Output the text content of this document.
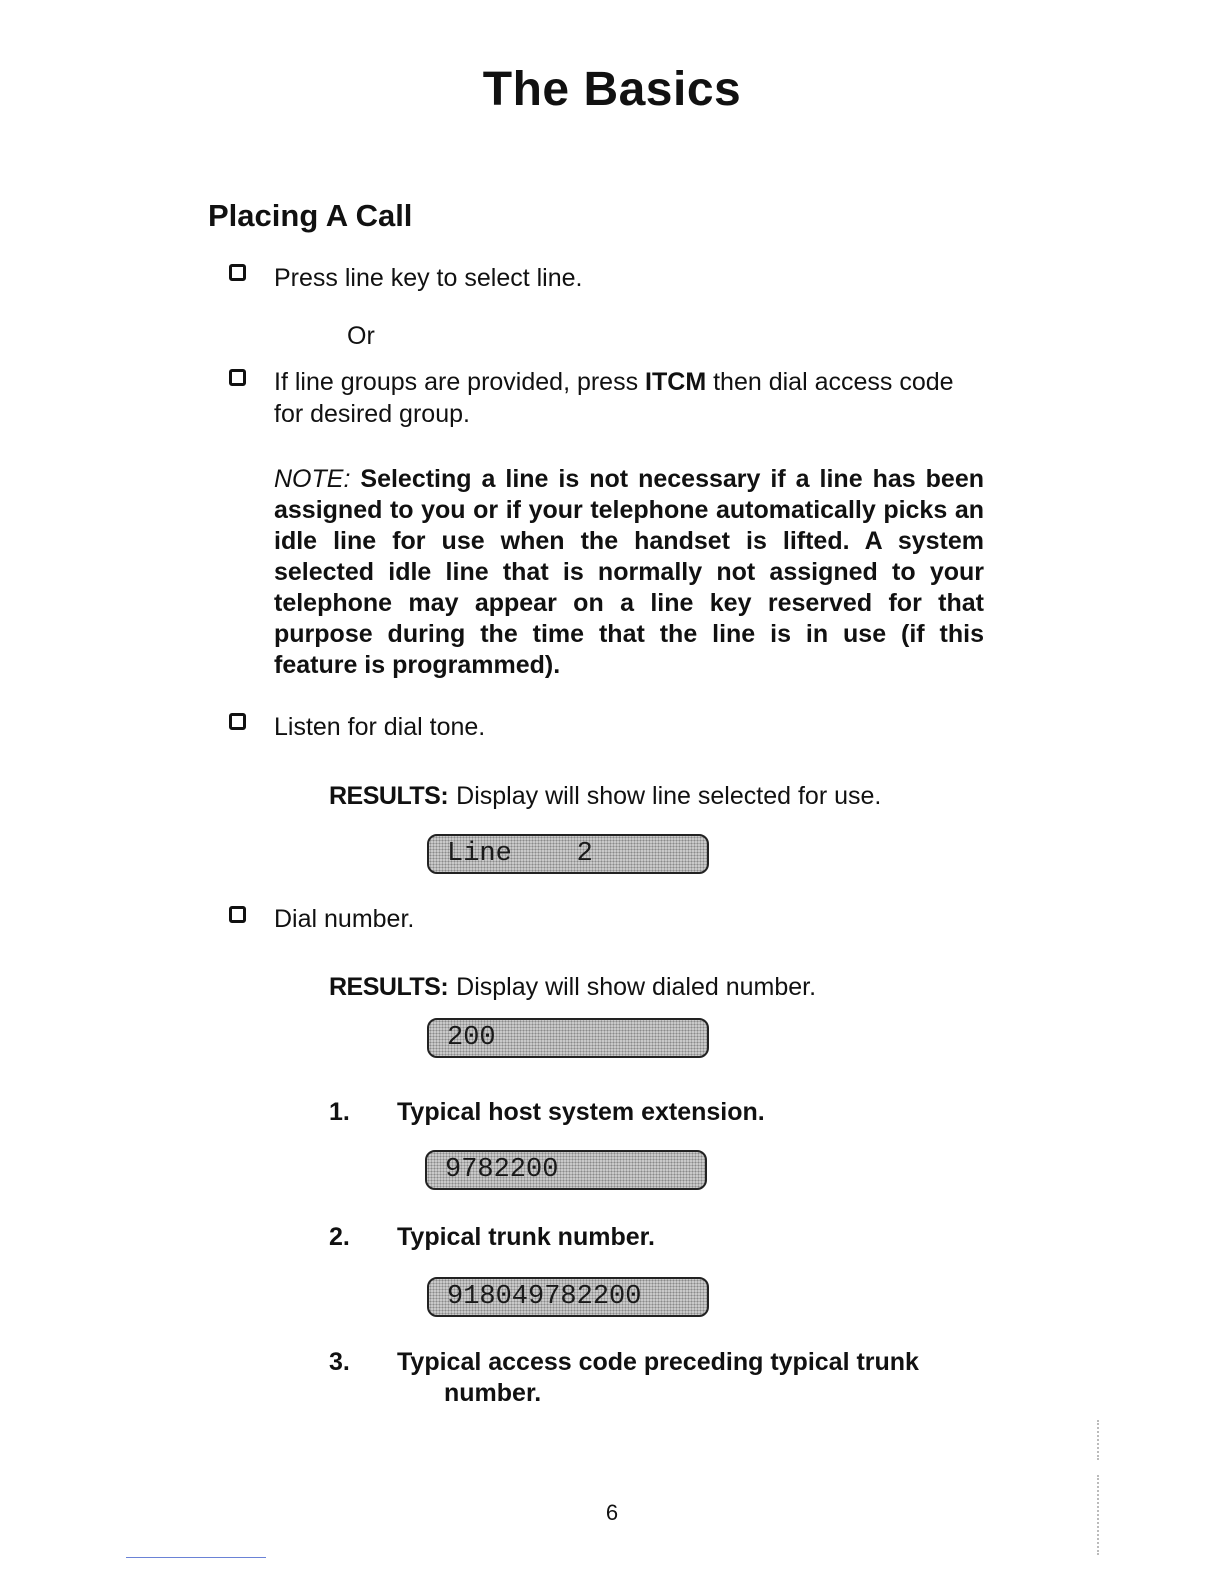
The Basics
Placing A Call
Press line key to select line.
Or
If line groups are provided, press ITCM then dial access code for desired group.
NOTE: Selecting a line is not necessary if a line has been assigned to you or if your telephone automatically picks an idle line for use when the handset is lifted. A system selected idle line that is normally not assigned to your telephone may appear on a line key reserved for that purpose during the time that the line is in use (if this feature is programmed).
Listen for dial tone.
RESULTS: Display will show line selected for use.
Line    2
Dial number.
RESULTS: Display will show dialed number.
200
1. Typical host system extension.
9782200
2. Typical trunk number.
918049782200
3. Typical access code preceding typical trunk
number.
6
